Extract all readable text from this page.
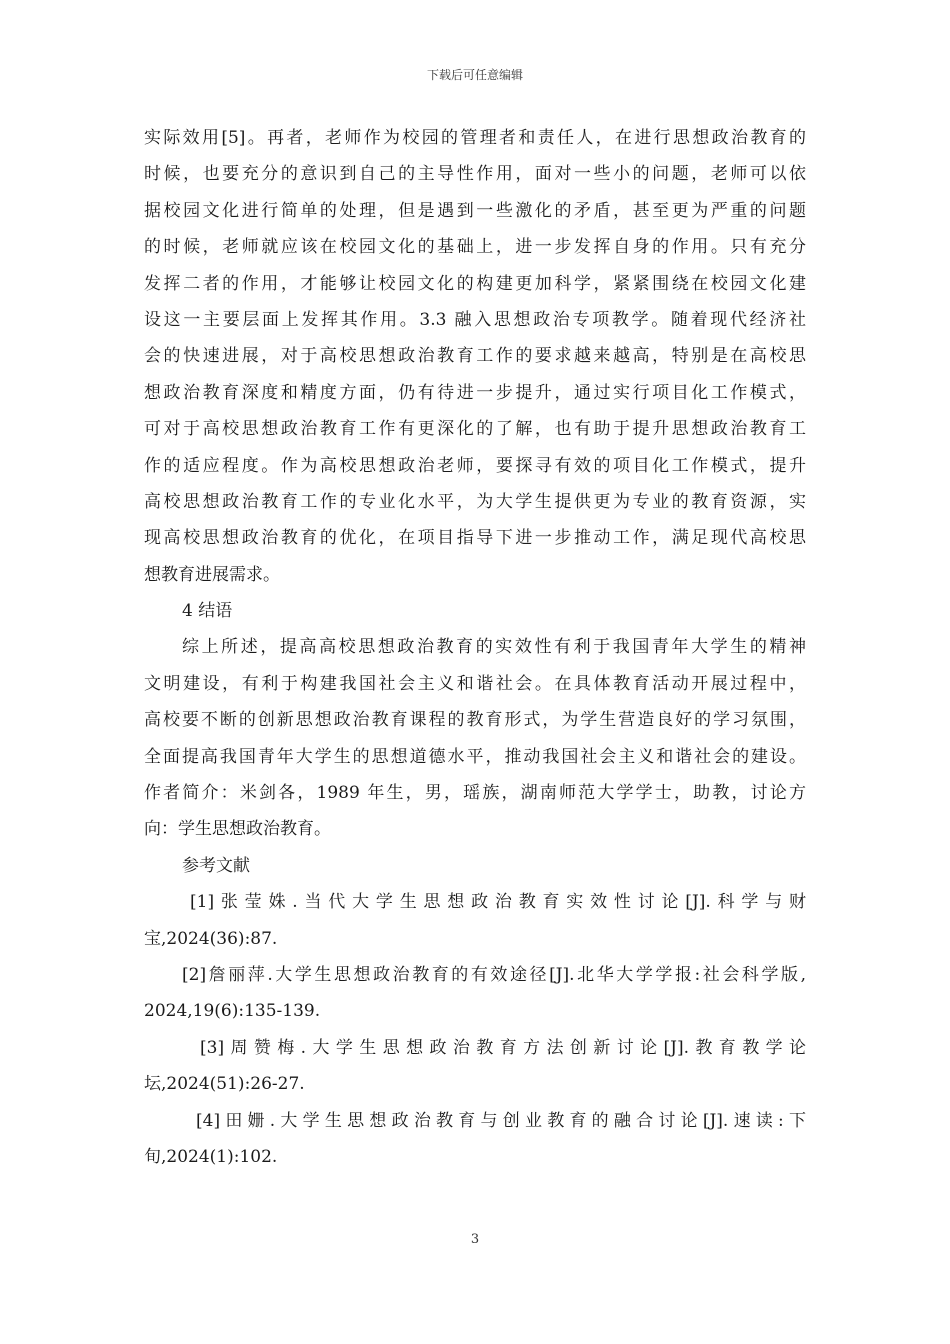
下载后可任意编辑
实际效用[5]。再者，老师作为校园的管理者和责任人，在进行思想政治教育的
时候，也要充分的意识到自己的主导性作用，面对一些小的问题，老师可以依
据校园文化进行简单的处理，但是遇到一些激化的矛盾，甚至更为严重的问题
的时候，老师就应该在校园文化的基础上，进一步发挥自身的作用。只有充分
发挥二者的作用，才能够让校园文化的构建更加科学，紧紧围绕在校园文化建
设这一主要层面上发挥其作用。3.3 融入思想政治专项教学。随着现代经济社
会的快速进展，对于高校思想政治教育工作的要求越来越高，特别是在高校思
想政治教育深度和精度方面，仍有待进一步提升，通过实行项目化工作模式，
可对于高校思想政治教育工作有更深化的了解，也有助于提升思想政治教育工
作的适应程度。作为高校思想政治老师，要探寻有效的项目化工作模式，提升
高校思想政治教育工作的专业化水平，为大学生提供更为专业的教育资源，实
现高校思想政治教育的优化，在项目指导下进一步推动工作，满足现代高校思
想教育进展需求。
4 结语
综上所述，提高高校思想政治教育的实效性有利于我国青年大学生的精神
文明建设，有利于构建我国社会主义和谐社会。在具体教育活动开展过程中，
高校要不断的创新思想政治教育课程的教育形式，为学生营造良好的学习氛围，
全面提高我国青年大学生的思想道德水平，推动我国社会主义和谐社会的建设。
作者简介：米剑各，1989 年生，男，瑶族，湖南师范大学学士，助教，讨论方
向：学生思想政治教育。
参考文献
[1]张莹姝.当代大学生思想政治教育实效性讨论[J].科学与财
宝,2024(36):87.
[2]詹丽萍.大学生思想政治教育的有效途径[J].北华大学学报:社会科学版,
2024,19(6):135-139.
[3]周赞梅.大学生思想政治教育方法创新讨论[J].教育教学论
坛,2024(51):26-27.
[4]田姗.大学生思想政治教育与创业教育的融合讨论[J].速读:下
旬,2024(1):102.
3
